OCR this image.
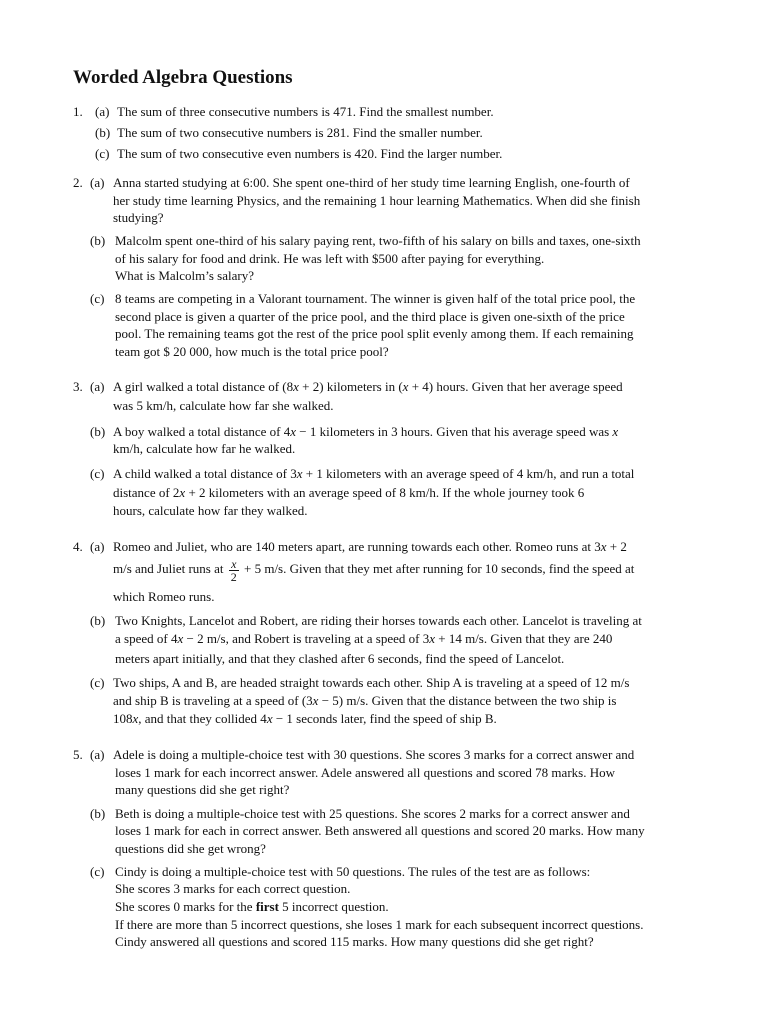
Worded Algebra Questions
1. (a) The sum of three consecutive numbers is 471. Find the smallest number.
(b) The sum of two consecutive numbers is 281. Find the smaller number.
(c) The sum of two consecutive even numbers is 420. Find the larger number.
2. (a) Anna started studying at 6:00. She spent one-third of her study time learning English, one-fourth of
her study time learning Physics, and the remaining 1 hour learning Mathematics. When did she finish
studying?
(b) Malcolm spent one-third of his salary paying rent, two-fifth of his salary on bills and taxes, one-sixth
of his salary for food and drink. He was left with $500 after paying for everything.
What is Malcolm’s salary?
(c) 8 teams are competing in a Valorant tournament. The winner is given half of the total price pool, the
second place is given a quarter of the price pool, and the third place is given one-sixth of the price
pool. The remaining teams got the rest of the price pool split evenly among them. If each remaining
team got $ 20 000, how much is the total price pool?
3. (a) A girl walked a total distance of (8x + 2) kilometers in (x + 4) hours. Given that her average speed
was 5 km/h, calculate how far she walked.
(b) A boy walked a total distance of 4x − 1 kilometers in 3 hours. Given that his average speed was x
km/h, calculate how far he walked.
(c) A child walked a total distance of 3x + 1 kilometers with an average speed of 4 km/h, and run a total
distance of 2x + 2 kilometers with an average speed of 8 km/h. If the whole journey took 6
hours, calculate how far they walked.
4. (a) Romeo and Juliet, who are 140 meters apart, are running towards each other. Romeo runs at 3x + 2
m/s and Juliet runs at $\frac{x}{2} + 5$ m/s. Given that they met after running for 10 seconds, find the speed at
which Romeo runs.
(b) Two Knights, Lancelot and Robert, are riding their horses towards each other. Lancelot is traveling at
a speed of 4x − 2 m/s, and Robert is traveling at a speed of 3x + 14 m/s. Given that they are 240
meters apart initially, and that they clashed after 6 seconds, find the speed of Lancelot.
(c) Two ships, A and B, are headed straight towards each other. Ship A is traveling at a speed of 12 m/s
and ship B is traveling at a speed of (3x − 5) m/s. Given that the distance between the two ship is
108x, and that they collided 4x − 1 seconds later, find the speed of ship B.
5. (a) Adele is doing a multiple-choice test with 30 questions. She scores 3 marks for a correct answer and
loses 1 mark for each incorrect answer. Adele answered all questions and scored 78 marks. How
many questions did she get right?
(b) Beth is doing a multiple-choice test with 25 questions. She scores 2 marks for a correct answer and
loses 1 mark for each in correct answer. Beth answered all questions and scored 20 marks. How many
questions did she get wrong?
(c) Cindy is doing a multiple-choice test with 50 questions. The rules of the test are as follows:
She scores 3 marks for each correct question.
She scores 0 marks for the first 5 incorrect question.
If there are more than 5 incorrect questions, she loses 1 mark for each subsequent incorrect questions.
Cindy answered all questions and scored 115 marks. How many questions did she get right?
